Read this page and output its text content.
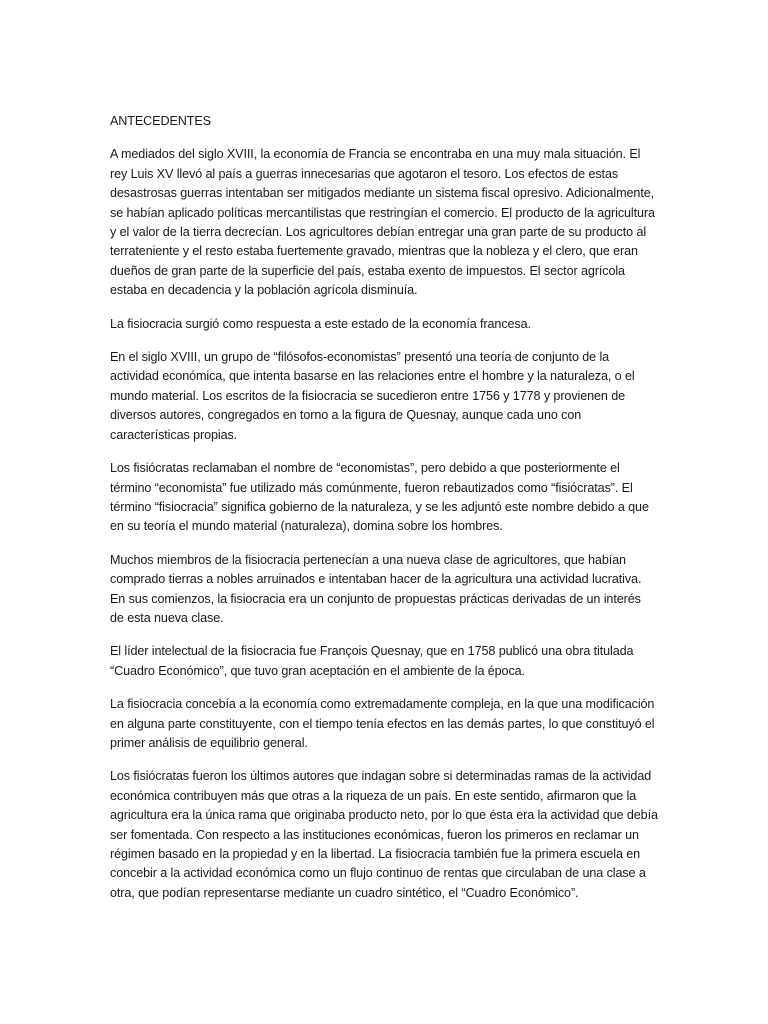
ANTECEDENTES

A mediados del siglo XVIII, la economía de Francia se encontraba en una muy mala situación. El rey Luis XV llevó al país a guerras innecesarias que agotaron el tesoro. Los efectos de estas desastrosas guerras intentaban ser mitigados mediante un sistema fiscal opresivo. Adicionalmente, se habían aplicado políticas mercantilistas que restringían el comercio. El producto de la agricultura y el valor de la tierra decrecían. Los agricultores debían entregar una gran parte de su producto al terrateniente y el resto estaba fuertemente gravado, mientras que la nobleza y el clero, que eran dueños de gran parte de la superficie del país, estaba exento de impuestos. El sector agrícola estaba en decadencia y la población agrícola disminuía.

La fisiocracia surgió como respuesta a este estado de la economía francesa.

En el siglo XVIII, un grupo de “filósofos-economistas” presentó una teoría de conjunto de la actividad económica, que intenta basarse en las relaciones entre el hombre y la naturaleza, o el mundo material. Los escritos de la fisiocracia se sucedieron entre 1756 y 1778 y provienen de diversos autores, congregados en torno a la figura de Quesnay, aunque cada uno con características propias.

Los fisiócratas reclamaban el nombre de “economistas”, pero debido a que posteriormente el término “economista” fue utilizado más comúnmente, fueron rebautizados como “fisiócratas”. El término “fisiocracia” significa gobierno de la naturaleza, y se les adjuntó este nombre debido a que en su teoría el mundo material (naturaleza), domina sobre los hombres.

Muchos miembros de la fisiocracia pertenecían a una nueva clase de agricultores, que habían comprado tierras a nobles arruinados e intentaban hacer de la agricultura una actividad lucrativa. En sus comienzos, la fisiocracia era un conjunto de propuestas prácticas derivadas de un interés de esta nueva clase.

El líder intelectual de la fisiocracia fue François Quesnay, que en 1758 publicó una obra titulada “Cuadro Económico”, que tuvo gran aceptación en el ambiente de la época.

La fisiocracia concebía a la economía como extremadamente compleja, en la que una modificación en alguna parte constituyente, con el tiempo tenía efectos en las demás partes, lo que constituyó el primer análisis de equilibrio general.

Los fisiócratas fueron los últimos autores que indagan sobre si determinadas ramas de la actividad económica contribuyen más que otras a la riqueza de un país. En este sentido, afirmaron que la agricultura era la única rama que originaba producto neto, por lo que ésta era la actividad que debía ser fomentada. Con respecto a las instituciones económicas, fueron los primeros en reclamar un régimen basado en la propiedad y en la libertad. La fisiocracia también fue la primera escuela en concebir a la actividad económica como un flujo continuo de rentas que circulaban de una clase a otra, que podían representarse mediante un cuadro sintético, el “Cuadro Económico”.
